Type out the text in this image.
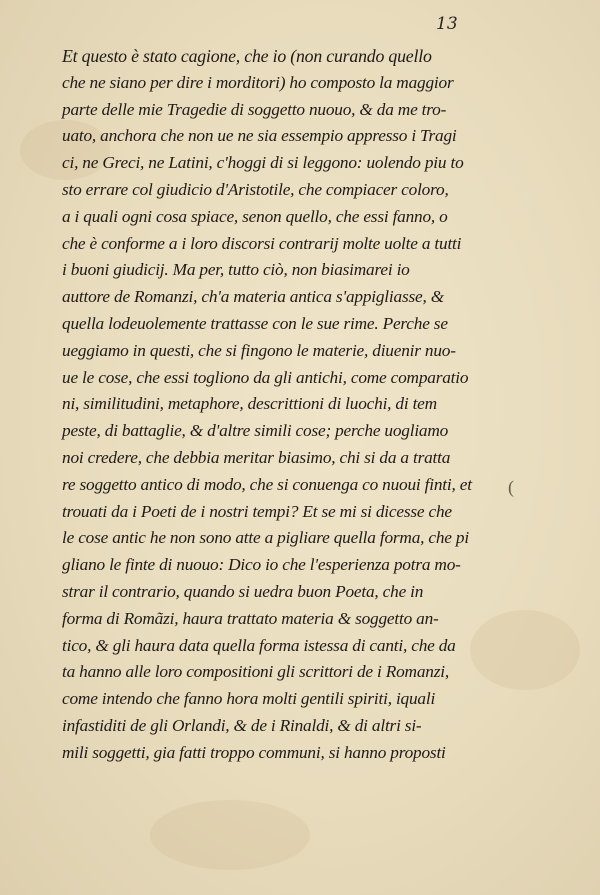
13
Et questo è stato cagione, che io (non curando quello
che ne siano per dire i morditori) ho composto la maggior
parte delle mie Tragedie di soggetto nuouo, & da me tro-
uato, anchora che non ue ne sia essempio appresso i Tragi
ci, ne Greci, ne Latini, c'hoggi di si leggono: uolendo piu to
sto errare col giudicio d'Aristotile, che compiacer coloro,
a i quali ogni cosa spiace, senon quello, che essi fanno, o
che è conforme a i loro discorsi contrarij molte uolte a tutti
i buoni giudicij. Ma per, tutto ciò, non biasimarei io
auttore de Romanzi, ch'a materia antica s'appigliasse, &
quella lodeuolemente trattasse con le sue rime. Perche se
ueggiamo in questi, che si fingono le materie, diuenir nuo-
ue le cose, che essi togliono da gli antichi, come comparatio
ni, similitudini, metaphore, descrittioni di luochi, di tem
peste, di battaglie, & d'altre simili cose; perche uogliamo
noi credere, che debbia meritar biasimo, chi si da a tratta
re soggetto antico di modo, che si conuenga co nuoui finti, et
trouati da i Poeti de i nostri tempi? Et se mi si dicesse che
le cose antic he non sono atte a pigliare quella forma, che pi
gliano le finte di nuouo: Dico io che l'esperienza potra mo-
strar il contrario, quando si uedra buon Poeta, che in
forma di Romãzi, haura trattato materia & soggetto an-
tico, & gli haura data quella forma istessa di canti, che da
ta hanno alle loro compositioni gli scrittori de i Romanzi,
come intendo che fanno hora molti gentili spiriti, iquali
infastiditi de gli Orlandi, & de i Rinaldi, & di altri si-
mili soggetti, gia fatti troppo communi, si hanno proposti
(
